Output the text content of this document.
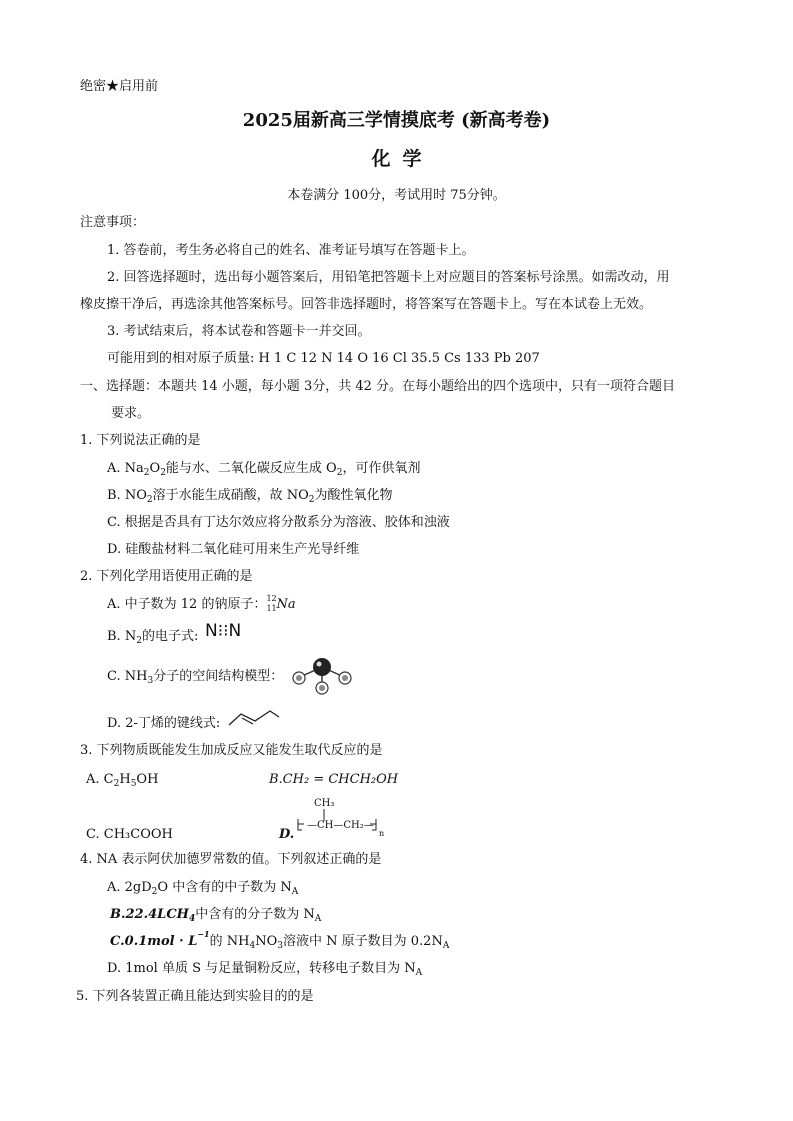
绝密★启用前
2025届新高三学情摸底考 (新高考卷)
化学
本卷满分 100分，考试用时 75分钟。
注意事项：
1. 答卷前，考生务必将自己的姓名、准考证号填写在答题卡上。
2. 回答选择题时，选出每小题答案后，用铅笔把答题卡上对应题目的答案标号涂黑。如需改动，用
橡皮擦干净后，再选涂其他答案标号。回答非选择题时，将答案写在答题卡上。写在本试卷上无效。
3. 考试结束后，将本试卷和答题卡一并交回。
可能用到的相对原子质量: H 1 C 12 N 14 O 16 Cl 35.5 Cs 133 Pb 207
一、选择题：本题共 14 小题，每小题 3分，共 42 分。在每小题给出的四个选项中，只有一项符合题目
要求。
1. 下列说法正确的是
A. $Na_2O_2$能与水、二氧化碳反应生成 $O_2$，可作供氧剂
B. $NO_2$溶于水能生成硝酸，故 $NO_2$为酸性氧化物
C. 根据是否具有丁达尔效应将分散系分为溶液、胶体和浊液
D. 硅酸盐材料二氧化硅可用来生产光导纤维
2. 下列化学用语使用正确的是
A. 中子数为 12 的钠原子： 12
11 Na
B. $N_2$的电子式: N⁝⁝N
C. $NH_3$分子的空间结构模型：
D. 2-丁烯的键线式:
3. 下列物质既能发生加成反应又能发生取代反应的是
A. $C_2H_5OH$	B.CH₂ = CHCH₂OH
C. CH₃COOH	D.
CH₃
—CH—CH₂—
n
4. NA 表示阿伏加德罗常数的值。下列叙述正确的是
A. $2gD_2O$ 中含有的中子数为 $N_A$
$B.22.4LCH_4$中含有的分子数为 $N_A$
$C.0.1mol \cdot L^{-1}$的 $NH_4NO_3$溶液中 N 原子数目为 $0.2N_A$
D. 1mol 单质 S 与足量铜粉反应，转移电子数目为 $N_A$
5. 下列各装置正确且能达到实验目的的是
